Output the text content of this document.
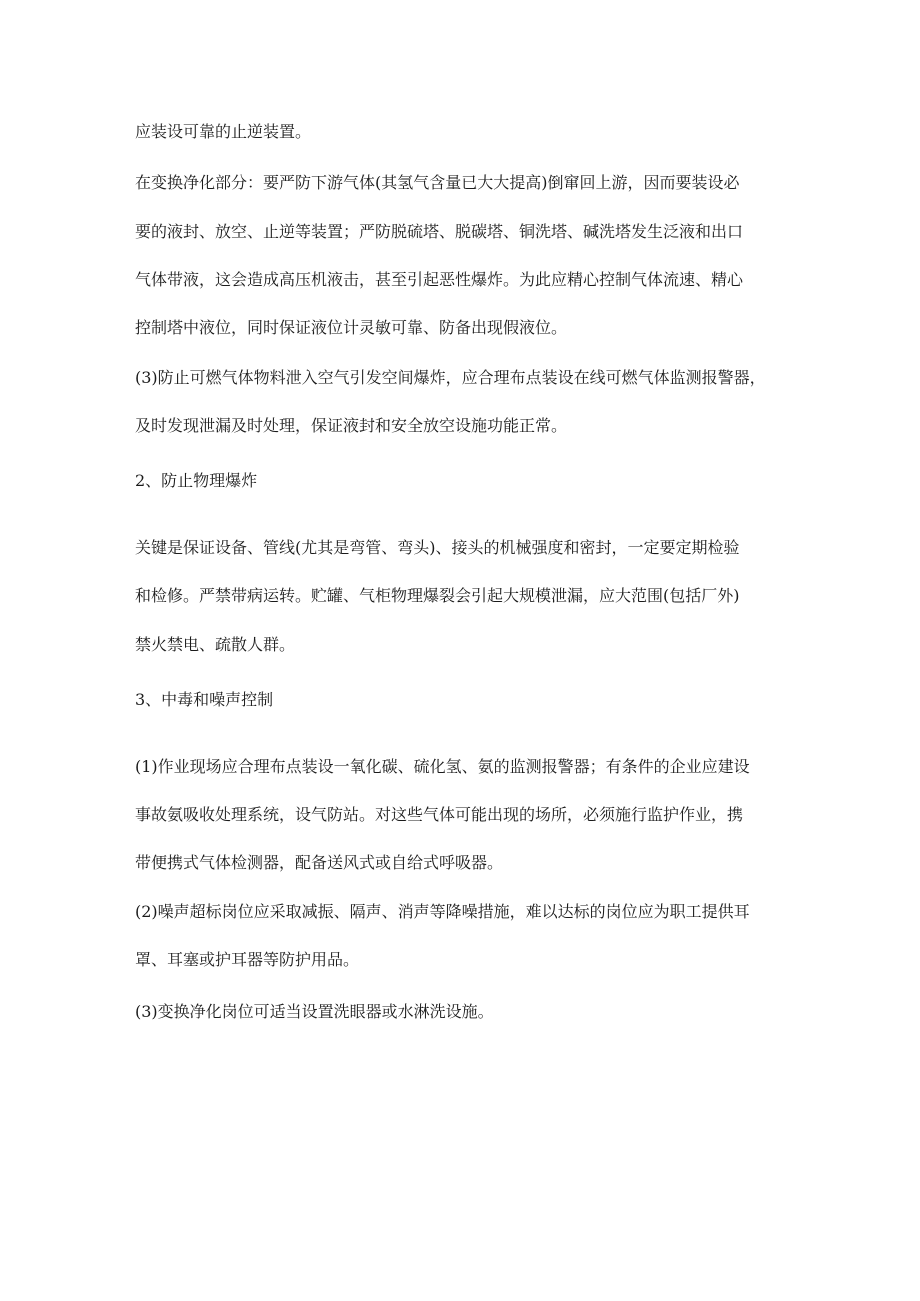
应装设可靠的止逆装置。

在变换净化部分：要严防下游气体(其氢气含量已大大提高)倒窜回上游，因而要装设必

要的液封、放空、止逆等装置；严防脱硫塔、脱碳塔、铜洗塔、碱洗塔发生泛液和出口

气体带液，这会造成高压机液击，甚至引起恶性爆炸。为此应精心控制气体流速、精心

控制塔中液位，同时保证液位计灵敏可靠、防备出现假液位。

(3)防止可燃气体物料泄入空气引发空间爆炸，应合理布点装设在线可燃气体监测报警器，

及时发现泄漏及时处理，保证液封和安全放空设施功能正常。

2、防止物理爆炸

关键是保证设备、管线(尤其是弯管、弯头)、接头的机械强度和密封，一定要定期检验

和检修。严禁带病运转。贮罐、气柜物理爆裂会引起大规模泄漏，应大范围(包括厂外)

禁火禁电、疏散人群。

3、中毒和噪声控制

(1)作业现场应合理布点装设一氧化碳、硫化氢、氨的监测报警器；有条件的企业应建设

事故氨吸收处理系统，设气防站。对这些气体可能出现的场所，必须施行监护作业，携

带便携式气体检测器，配备送风式或自给式呼吸器。

(2)噪声超标岗位应采取减振、隔声、消声等降噪措施，难以达标的岗位应为职工提供耳

罩、耳塞或护耳器等防护用品。

(3)变换净化岗位可适当设置洗眼器或水淋洗设施。
